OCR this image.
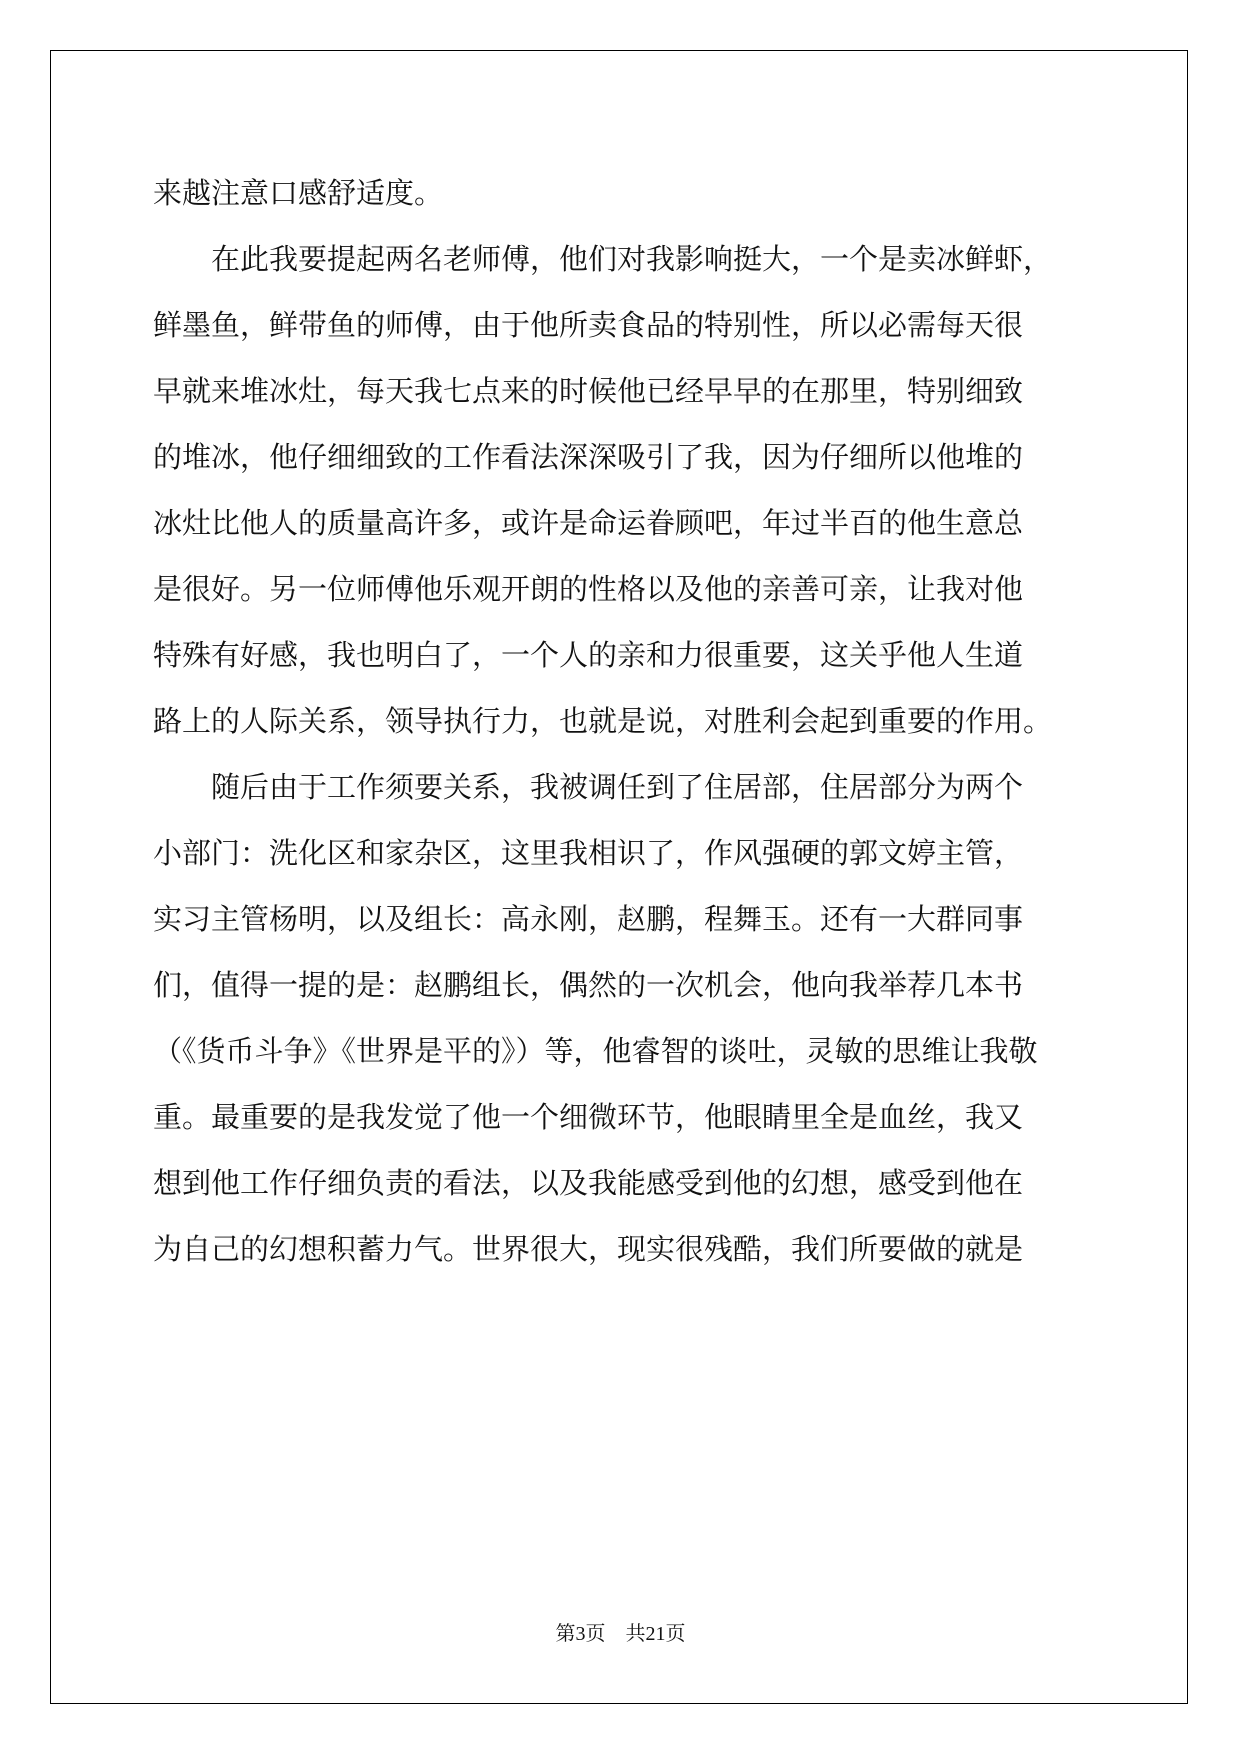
来越注意口感舒适度。
　　在此我要提起两名老师傅，他们对我影响挺大，一个是卖冰鲜虾，
鲜墨鱼，鲜带鱼的师傅，由于他所卖食品的特别性，所以必需每天很
早就来堆冰灶，每天我七点来的时候他已经早早的在那里，特别细致
的堆冰，他仔细细致的工作看法深深吸引了我，因为仔细所以他堆的
冰灶比他人的质量高许多，或许是命运眷顾吧，年过半百的他生意总
是很好。另一位师傅他乐观开朗的性格以及他的亲善可亲，让我对他
特殊有好感，我也明白了，一个人的亲和力很重要，这关乎他人生道
路上的人际关系，领导执行力，也就是说，对胜利会起到重要的作用。
　　随后由于工作须要关系，我被调任到了住居部，住居部分为两个
小部门：洗化区和家杂区，这里我相识了，作风强硬的郭文婷主管，
实习主管杨明，以及组长：高永刚，赵鹏，程舞玉。还有一大群同事
们，值得一提的是：赵鹏组长，偶然的一次机会，他向我举荐几本书
（《货币斗争》《世界是平的》）等，他睿智的谈吐，灵敏的思维让我敬
重。最重要的是我发觉了他一个细微环节，他眼睛里全是血丝，我又
想到他工作仔细负责的看法，以及我能感受到他的幻想，感受到他在
为自己的幻想积蓄力气。世界很大，现实很残酷，我们所要做的就是
第3页　共21页
